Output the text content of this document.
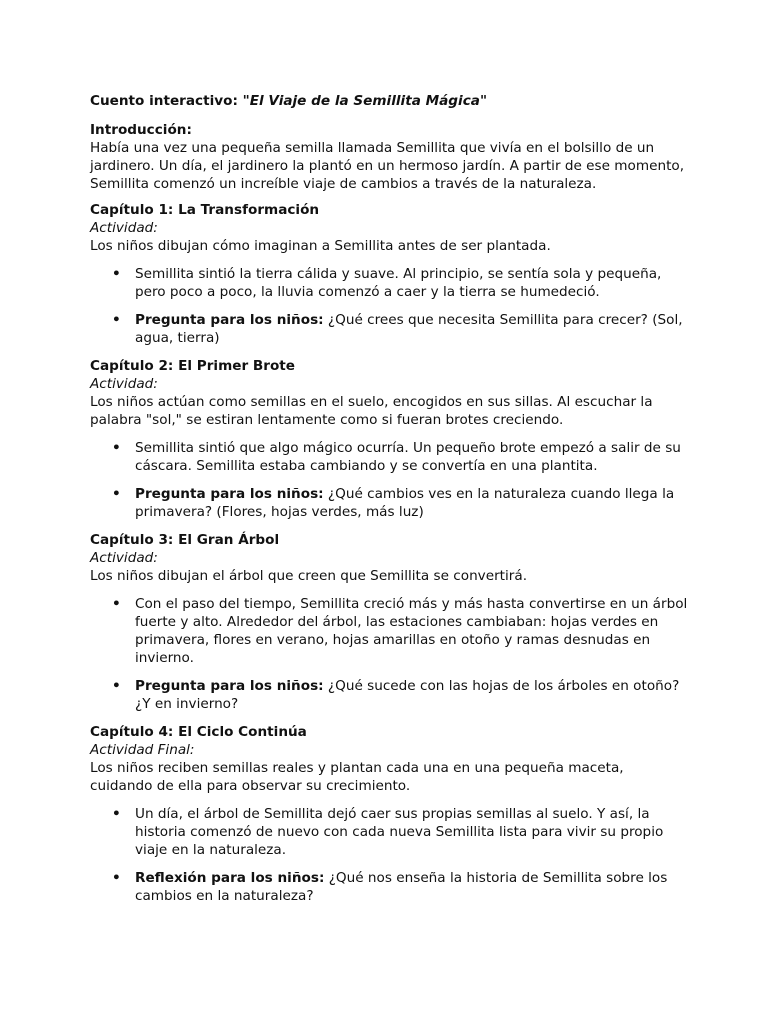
Cuento interactivo: "El Viaje de la Semillita Mágica"

Introducción:

Había una vez una pequeña semilla llamada Semillita que vivía en el bolsillo de un jardinero. Un día, el jardinero la plantó en un hermoso jardín. A partir de ese momento, Semillita comenzó un increíble viaje de cambios a través de la naturaleza.

Capítulo 1: La Transformación

Actividad:

Los niños dibujan cómo imaginan a Semillita antes de ser plantada.

• Semillita sintió la tierra cálida y suave. Al principio, se sentía sola y pequeña, pero poco a poco, la lluvia comenzó a caer y la tierra se humedeció.
• Pregunta para los niños: ¿Qué crees que necesita Semillita para crecer? (Sol, agua, tierra)

Capítulo 2: El Primer Brote

Actividad:

Los niños actúan como semillas en el suelo, encogidos en sus sillas. Al escuchar la palabra "sol," se estiran lentamente como si fueran brotes creciendo.

• Semillita sintió que algo mágico ocurría. Un pequeño brote empezó a salir de su cáscara. Semillita estaba cambiando y se convertía en una plantita.
• Pregunta para los niños: ¿Qué cambios ves en la naturaleza cuando llega la primavera? (Flores, hojas verdes, más luz)

Capítulo 3: El Gran Árbol

Actividad:

Los niños dibujan el árbol que creen que Semillita se convertirá.

• Con el paso del tiempo, Semillita creció más y más hasta convertirse en un árbol fuerte y alto. Alrededor del árbol, las estaciones cambiaban: hojas verdes en primavera, flores en verano, hojas amarillas en otoño y ramas desnudas en invierno.
• Pregunta para los niños: ¿Qué sucede con las hojas de los árboles en otoño? ¿Y en invierno?

Capítulo 4: El Ciclo Continúa

Actividad Final:

Los niños reciben semillas reales y plantan cada una en una pequeña maceta, cuidando de ella para observar su crecimiento.

• Un día, el árbol de Semillita dejó caer sus propias semillas al suelo. Y así, la historia comenzó de nuevo con cada nueva Semillita lista para vivir su propio viaje en la naturaleza.
• Reflexión para los niños: ¿Qué nos enseña la historia de Semillita sobre los cambios en la naturaleza?
